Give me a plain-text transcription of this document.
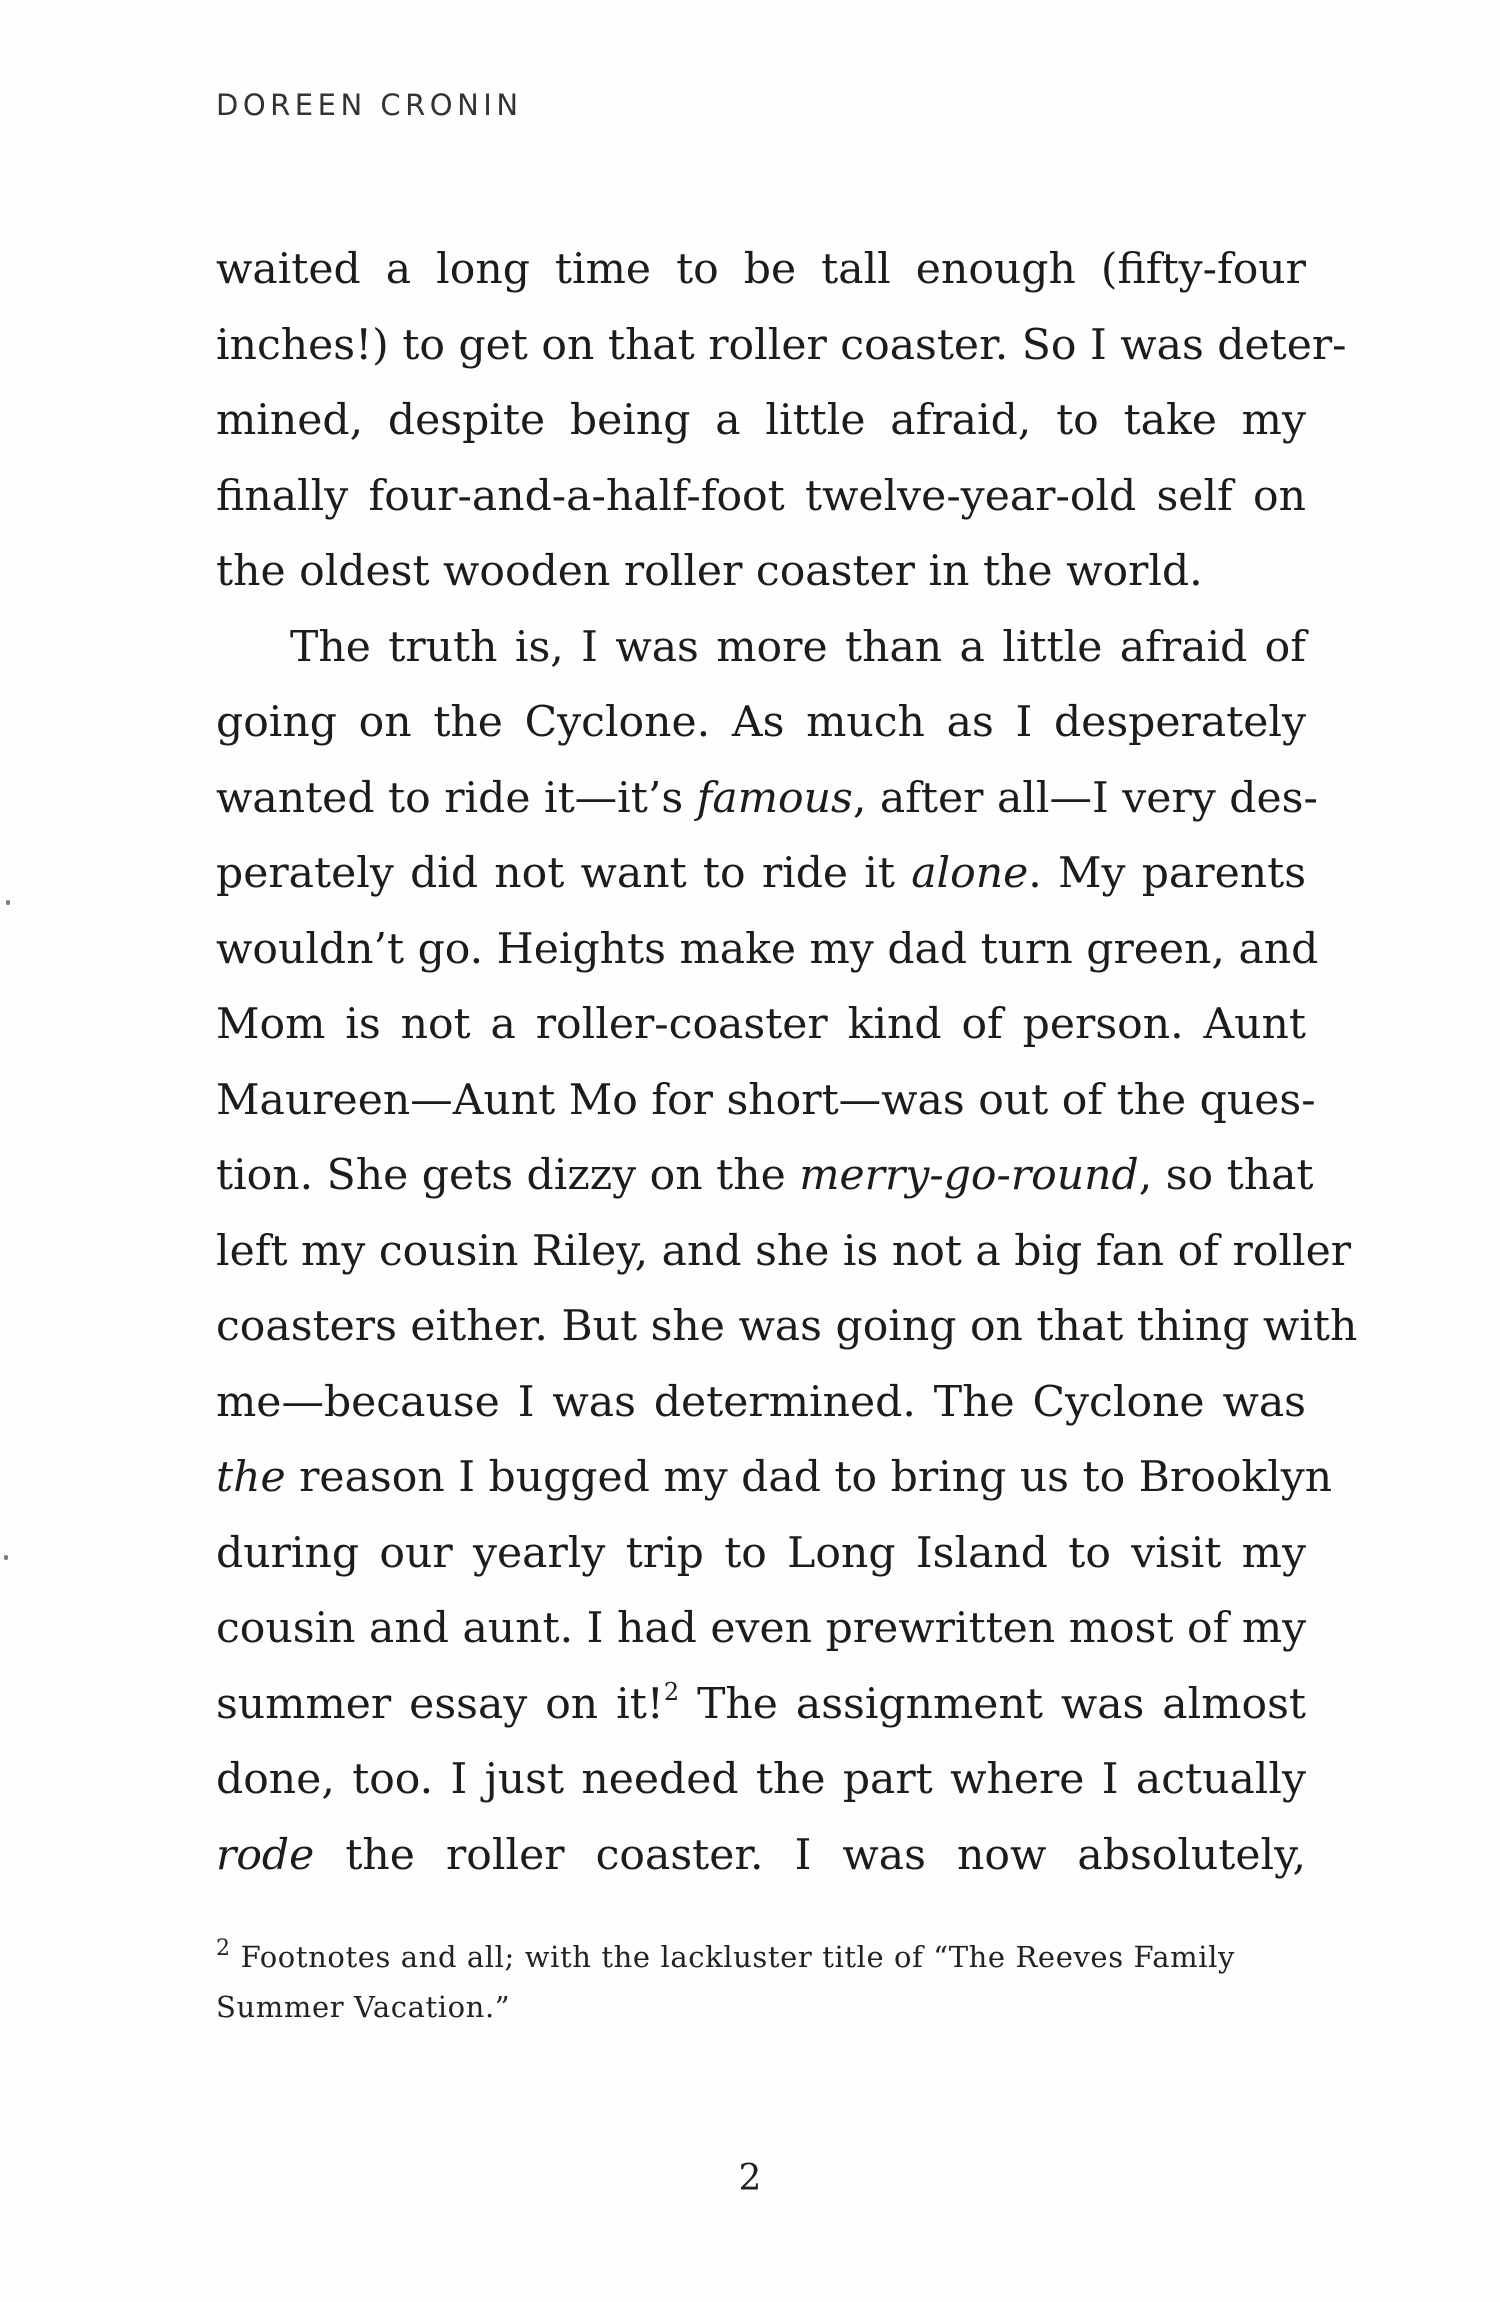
DOREEN CRONIN
waited a long time to be tall enough (fifty-four
inches!) to get on that roller coaster. So I was deter-
mined, despite being a little afraid, to take my
finally four-and-a-half-foot twelve-year-old self on
the oldest wooden roller coaster in the world.
The truth is, I was more than a little afraid of
going on the Cyclone. As much as I desperately
wanted to ride it—it’s famous, after all—I very des-
perately did not want to ride it alone. My parents
wouldn’t go. Heights make my dad turn green, and
Mom is not a roller-coaster kind of person. Aunt
Maureen—Aunt Mo for short—was out of the ques-
tion. She gets dizzy on the merry-go-round, so that
left my cousin Riley, and she is not a big fan of roller
coasters either. But she was going on that thing with
me—because I was determined. The Cyclone was
the reason I bugged my dad to bring us to Brooklyn
during our yearly trip to Long Island to visit my
cousin and aunt. I had even prewritten most of my
summer essay on it!$^2$ The assignment was almost
done, too. I just needed the part where I actually
rode the roller coaster. I was now absolutely,
$^2$ Footnotes and all; with the lackluster title of “The Reeves Family
Summer Vacation.”
2
